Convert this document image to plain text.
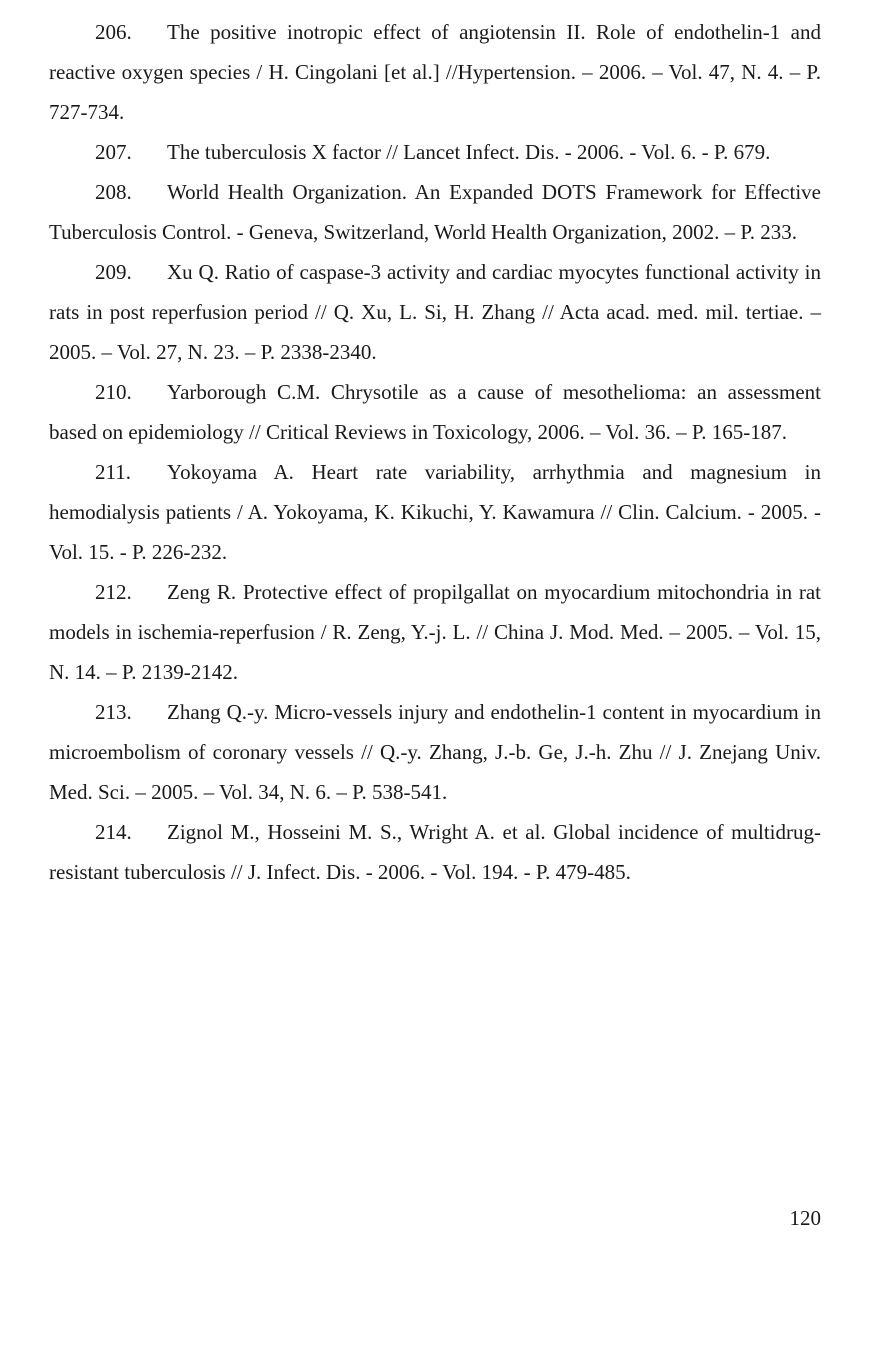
206. The positive inotropic effect of angiotensin II. Role of endothelin-1 and reactive oxygen species / H. Cingolani [et al.] //Hypertension. – 2006. – Vol. 47, N. 4. – P. 727-734.

207. The tuberculosis X factor // Lancet Infect. Dis. - 2006. - Vol. 6. - P. 679.

208. World Health Organization. An Expanded DOTS Framework for Effective Tuberculosis Control. - Geneva, Switzerland, World Health Organization, 2002. – P. 233.

209. Xu Q. Ratio of caspase-3 activity and cardiac myocytes functional activity in rats in post reperfusion period // Q. Xu, L. Si, H. Zhang // Acta acad. med. mil. tertiae. – 2005. – Vol. 27, N. 23. – P. 2338-2340.

210. Yarborough C.M. Chrysotile as a cause of mesothelioma: an assessment based on epidemiology // Critical Reviews in Toxicology, 2006. – Vol. 36. – P. 165-187.

211. Yokoyama A. Heart rate variability, arrhythmia and magnesium in hemodialysis patients / A. Yokoyama, K. Kikuchi, Y. Kawamura // Clin. Calcium. - 2005. - Vol. 15. - P. 226-232.

212. Zeng R. Protective effect of propilgallat on myocardium mitochondria in rat models in ischemia-reperfusion / R. Zeng, Y.-j. L. // China J. Mod. Med. – 2005. – Vol. 15, N. 14. – P. 2139-2142.

213. Zhang Q.-y. Micro-vessels injury and endothelin-1 content in myocardium in microembolism of coronary vessels // Q.-y. Zhang, J.-b. Ge, J.-h. Zhu // J. Znejang Univ. Med. Sci. – 2005. – Vol. 34, N. 6. – P. 538-541.

214. Zignol M., Hosseini M. S., Wright A. et al. Global incidence of multidrug-resistant tuberculosis // J. Infect. Dis. - 2006. - Vol. 194. - P. 479-485.

120
